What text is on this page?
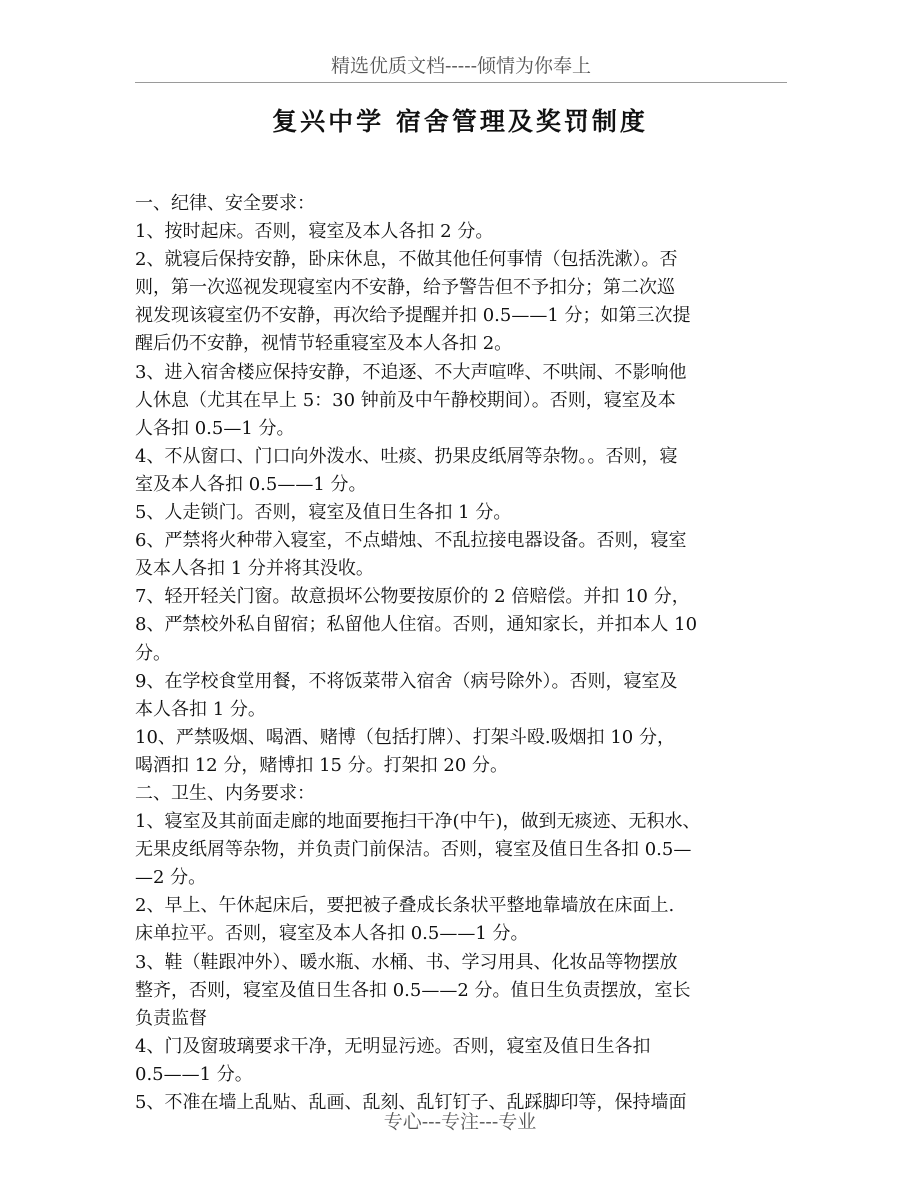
精选优质文档-----倾情为你奉上
复兴中学 宿舍管理及奖罚制度

一、纪律、安全要求：

1、按时起床。否则，寝室及本人各扣 2 分。

2、就寝后保持安静，卧床休息，不做其他任何事情（包括洗漱）。否

则，第一次巡视发现寝室内不安静，给予警告但不予扣分；第二次巡

视发现该寝室仍不安静，再次给予提醒并扣 0.5——1 分；如第三次提

醒后仍不安静，视情节轻重寝室及本人各扣 2。

3、进入宿舍楼应保持安静，不追逐、不大声喧哗、不哄闹、不影响他

人休息（尤其在早上 5：30 钟前及中午静校期间）。否则，寝室及本

人各扣 0.5—1 分。

4、不从窗口、门口向外泼水、吐痰、扔果皮纸屑等杂物。。否则，寝

室及本人各扣 0.5——1 分。

5、人走锁门。否则，寝室及值日生各扣 1 分。

6、严禁将火种带入寝室，不点蜡烛、不乱拉接电器设备。否则，寝室

及本人各扣 1 分并将其没收。

7、轻开轻关门窗。故意损坏公物要按原价的 2 倍赔偿。并扣 10 分，

8、严禁校外私自留宿；私留他人住宿。否则，通知家长，并扣本人 10

分。

9、在学校食堂用餐，不将饭菜带入宿舍（病号除外）。否则，寝室及

本人各扣 1 分。

10、严禁吸烟、喝酒、赌博（包括打牌）、打架斗殴.吸烟扣 10 分，

喝酒扣 12 分，赌博扣 15 分。打架扣 20 分。

二、卫生、内务要求：

1、寝室及其前面走廊的地面要拖扫干净(中午)，做到无痰迹、无积水、

无果皮纸屑等杂物，并负责门前保洁。否则，寝室及值日生各扣 0.5—

—2 分。

2、早上、午休起床后，要把被子叠成长条状平整地靠墙放在床面上.

床单拉平。否则，寝室及本人各扣 0.5——1 分。

3、鞋（鞋跟冲外）、暖水瓶、水桶、书、学习用具、化妆品等物摆放

整齐，否则，寝室及值日生各扣 0.5——2 分。值日生负责摆放，室长

负责监督

4、门及窗玻璃要求干净，无明显污迹。否则，寝室及值日生各扣

0.5——1 分。

5、不准在墙上乱贴、乱画、乱刻、乱钉钉子、乱踩脚印等，保持墙面

专心---专注---专业
